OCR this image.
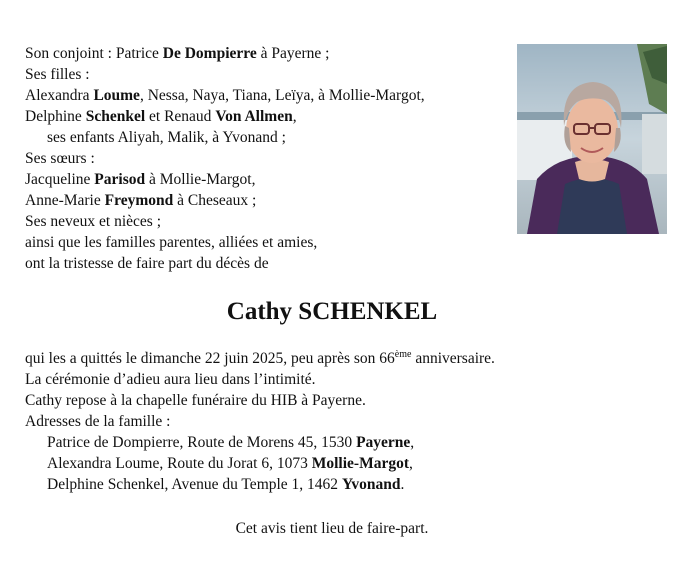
Son conjoint : Patrice De Dompierre à Payerne ;
Ses filles :
Alexandra Loume, Nessa, Naya, Tiana, Leïya, à Mollie-Margot,
Delphine Schenkel et Renaud Von Allmen,
ses enfants Aliyah, Malik, à Yvonand ;
Ses sœurs :
Jacqueline Parisod à Mollie-Margot,
Anne-Marie Freymond à Cheseaux ;
Ses neveux et nièces ;
ainsi que les familles parentes, alliées et amies,
ont la tristesse de faire part du décès de
Cathy SCHENKEL
qui les a quittés le dimanche 22 juin 2025, peu après son 66ème anniversaire.
La cérémonie d’adieu aura lieu dans l’intimité.
Cathy repose à la chapelle funéraire du HIB à Payerne.
Adresses de la famille :
Patrice de Dompierre, Route de Morens 45, 1530 Payerne,
Alexandra Loume, Route du Jorat 6, 1073 Mollie-Margot,
Delphine Schenkel, Avenue du Temple 1, 1462 Yvonand.
Cet avis tient lieu de faire-part.
